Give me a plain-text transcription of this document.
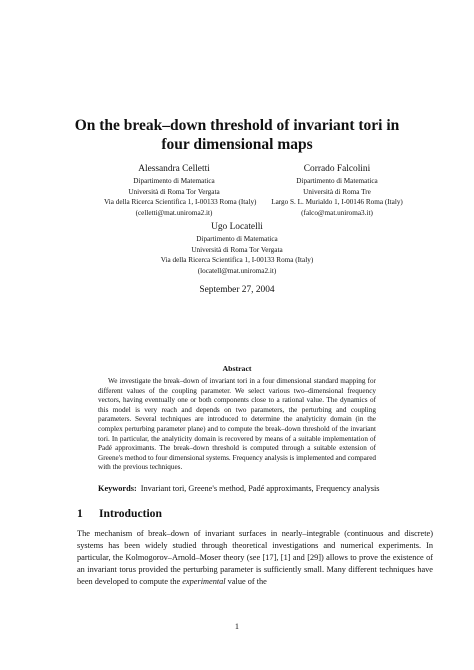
On the break–down threshold of invariant tori in
four dimensional maps
Alessandra Celletti
Dipartimento di Matematica
Università di Roma Tor Vergata
Via della Ricerca Scientifica 1, I-00133 Roma (Italy)
(celletti@mat.uniroma2.it)
Corrado Falcolini
Dipartimento di Matematica
Università di Roma Tre
Largo S. L. Murialdo 1, I-00146 Roma (Italy)
(falco@mat.uniroma3.it)
Ugo Locatelli
Dipartimento di Matematica
Università di Roma Tor Vergata
Via della Ricerca Scientifica 1, I-00133 Roma (Italy)
(locatell@mat.uniroma2.it)
September 27, 2004
Abstract
We investigate the break–down of invariant tori in a four dimensional standard mapping for different values of the coupling parameter. We select various two–dimensional frequency vectors, having eventually one or both components close to a rational value. The dynamics of this model is very reach and depends on two parameters, the perturbing and coupling parameters. Several techniques are introduced to determine the analyticity domain (in the complex perturbing parameter plane) and to compute the break–down threshold of the invariant tori. In particular, the analyticity domain is recovered by means of a suitable implementation of Padé approximants. The break–down threshold is computed through a suitable extension of Greene's method to four dimensional systems. Frequency analysis is implemented and compared with the previous techniques.
Keywords: Invariant tori, Greene's method, Padé approximants, Frequency analysis
1 Introduction
The mechanism of break–down of invariant surfaces in nearly–integrable (continuous and discrete) systems has been widely studied through theoretical investigations and numerical experiments. In particular, the Kolmogorov–Arnold–Moser theory (see [17], [1] and [29]) allows to prove the existence of an invariant torus provided the perturbing parameter is sufficiently small. Many different techniques have been developed to compute the experimental value of the
1
